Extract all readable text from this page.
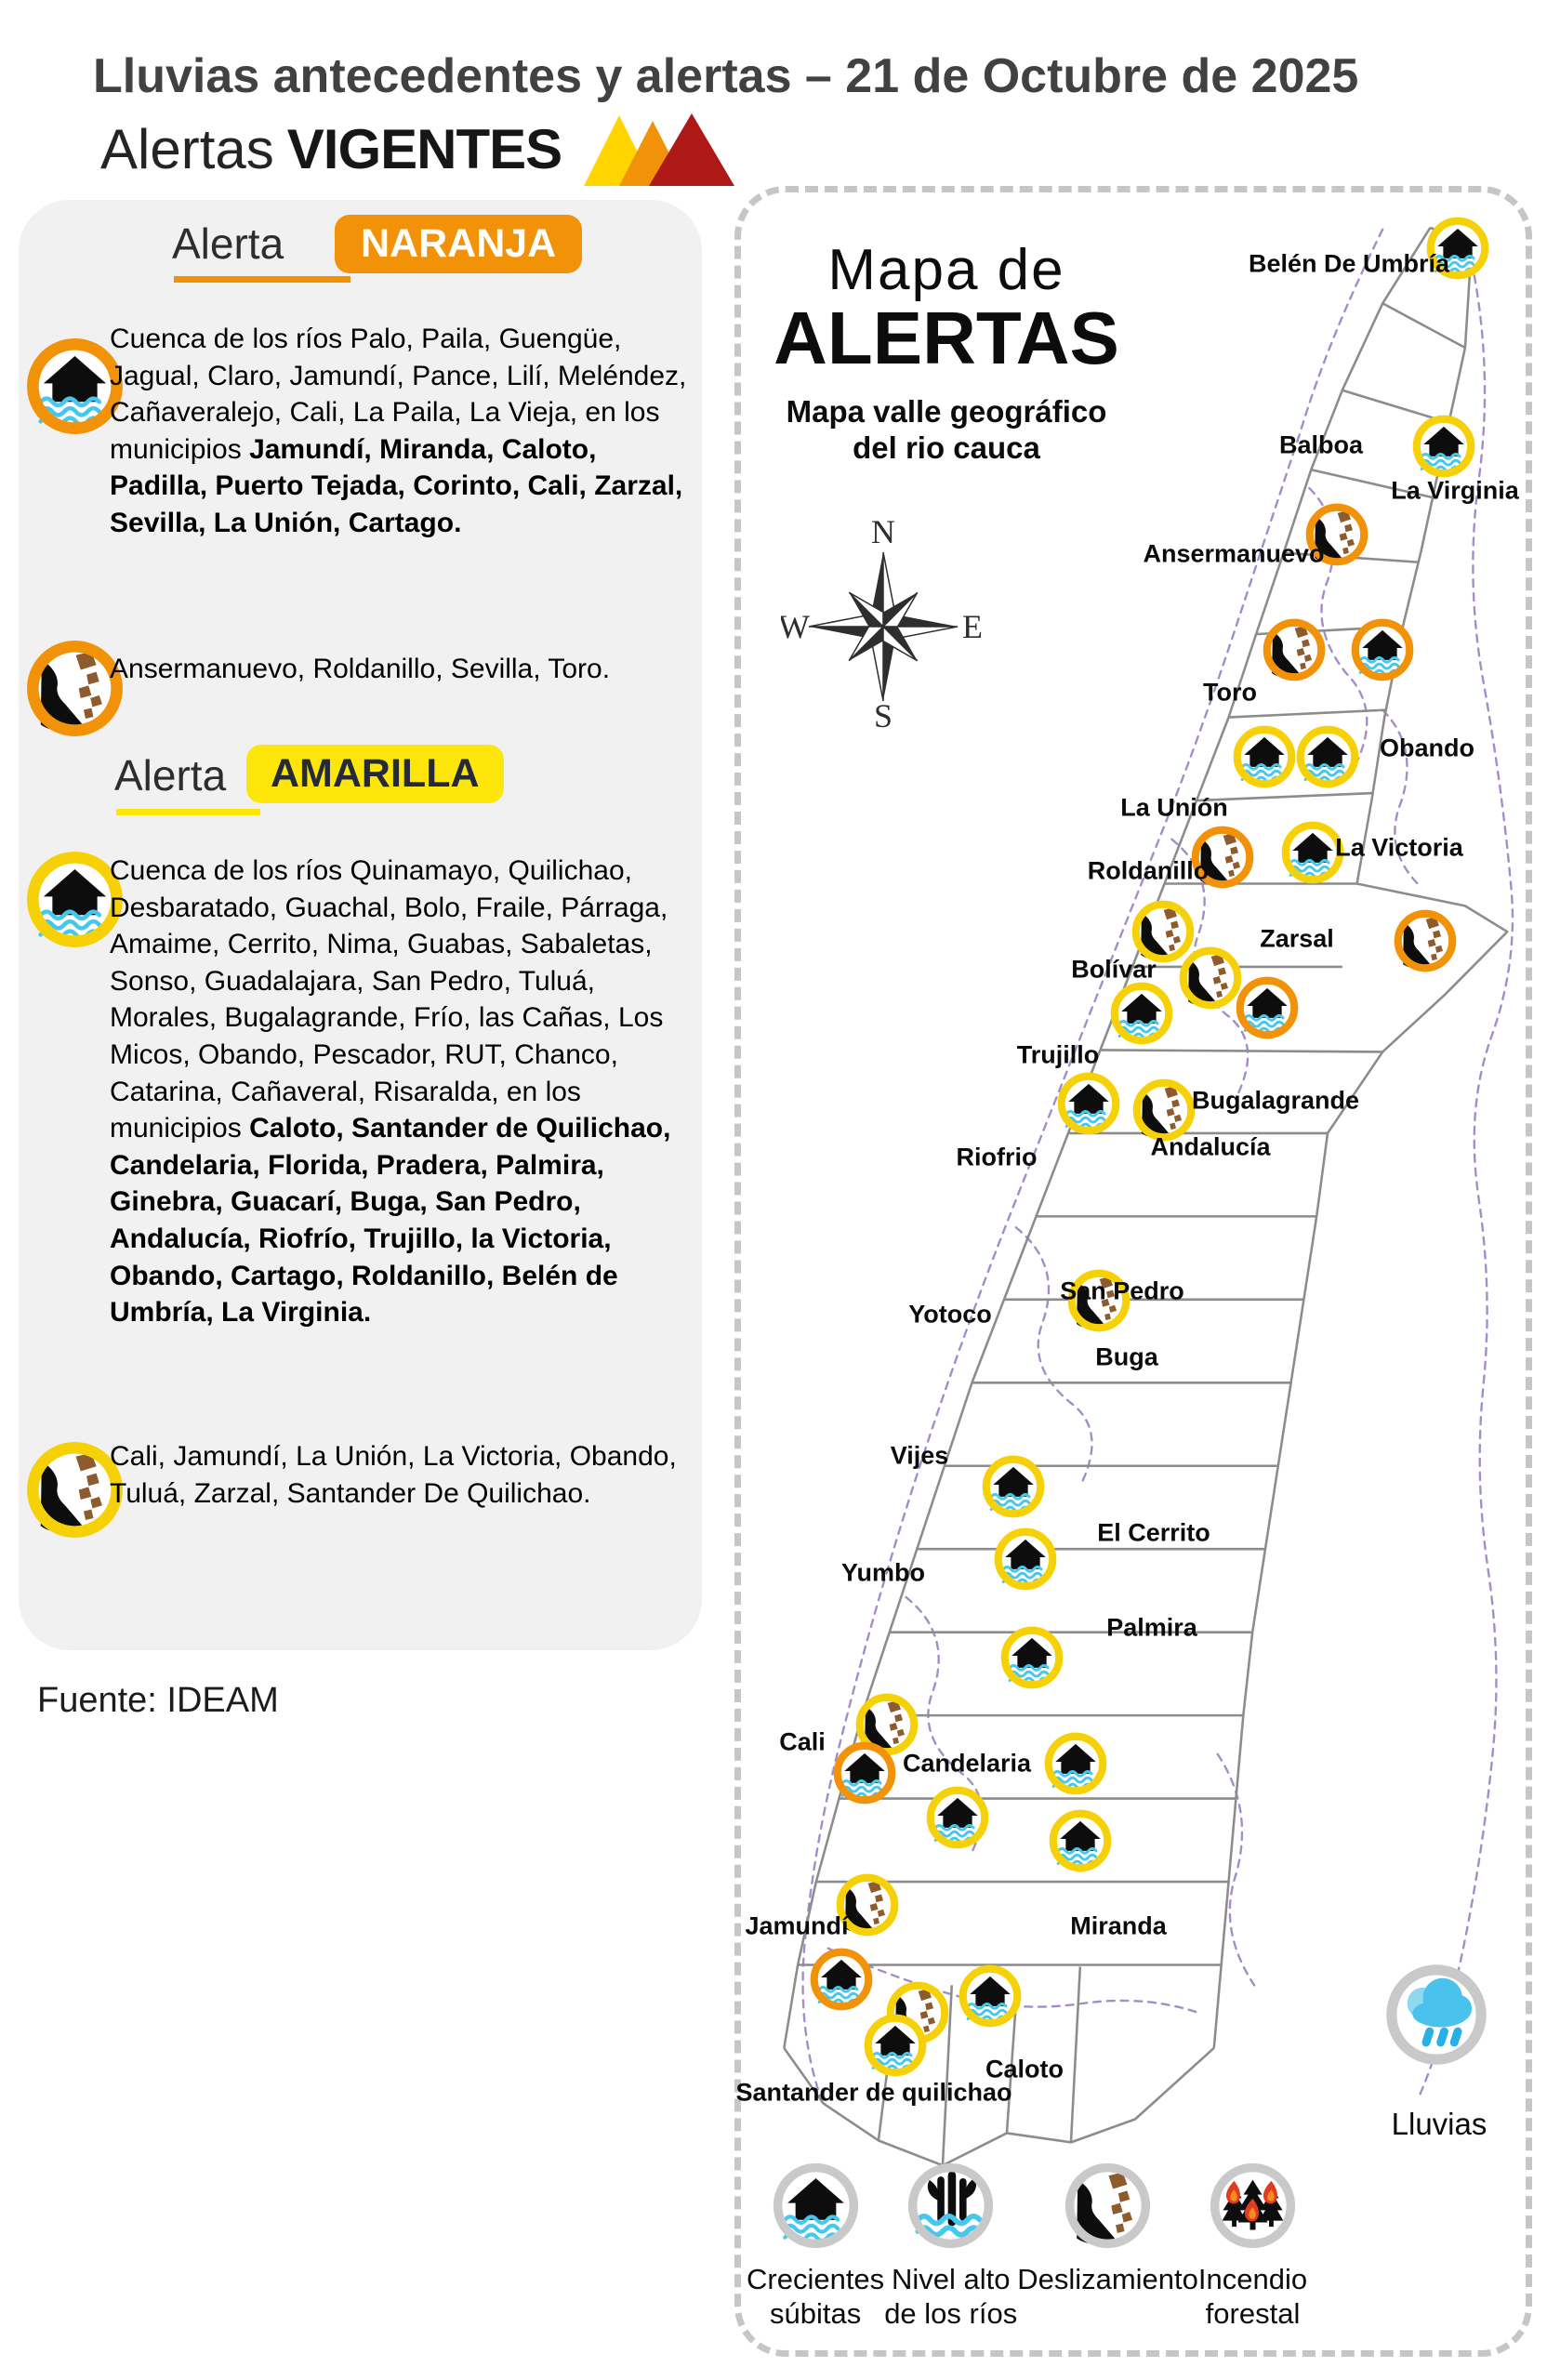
Lluvias antecedentes y alertas – 21 de Octubre de 2025
Alertas VIGENTES
Alerta	NARANJA

Cuenca de los ríos Palo, Paila, Guengüe, Jagual, Claro, Jamundí, Pance, Lilí, Meléndez, Cañaveralejo, Cali, La Paila, La Vieja, en los municipios Jamundí, Miranda, Caloto, Padilla, Puerto Tejada, Corinto, Cali, Zarzal, Sevilla, La Unión, Cartago.

Ansermanuevo, Roldanillo, Sevilla, Toro.

Alerta	AMARILLA

Cuenca de los ríos Quinamayo, Quilichao, Desbaratado, Guachal, Bolo, Fraile, Párraga, Amaime, Cerrito, Nima, Guabas, Sabaletas, Sonso, Guadalajara, San Pedro, Tuluá, Morales, Bugalagrande, Frío, las Cañas, Los Micos, Obando, Pescador, RUT, Chanco, Catarina, Cañaveral, Risaralda, en los municipios Caloto, Santander de Quilichao, Candelaria, Florida, Pradera, Palmira, Ginebra, Guacarí, Buga, San Pedro, Andalucía, Riofrío, Trujillo, la Victoria, Obando, Cartago, Roldanillo, Belén de Umbría, La Virginia.

Cali, Jamundí, La Unión, La Victoria, Obando, Tuluá, Zarzal, Santander De Quilichao.

Fuente: IDEAM
Mapa de
ALERTAS
Mapa valle geográfico
del rio cauca
N
S
W	E
Belén De Umbría
Balboa
La Virginia
Ansermanuevo
Toro
Obando
La Unión
La Victoria
Roldanillo
Zarsal
Bolívar
Trujillo
Bugalagrande
Andalucía
Riofrio
San Pedro
Yotoco
Buga
Vijes
El Cerrito
Yumbo
Palmira
Cali
Candelaria
Jamundí	Miranda
Caloto
Santander de quilichao
Lluvias
Crecientes
súbitas
Nivel alto
de los ríos
Deslizamiento Incendio
forestal
